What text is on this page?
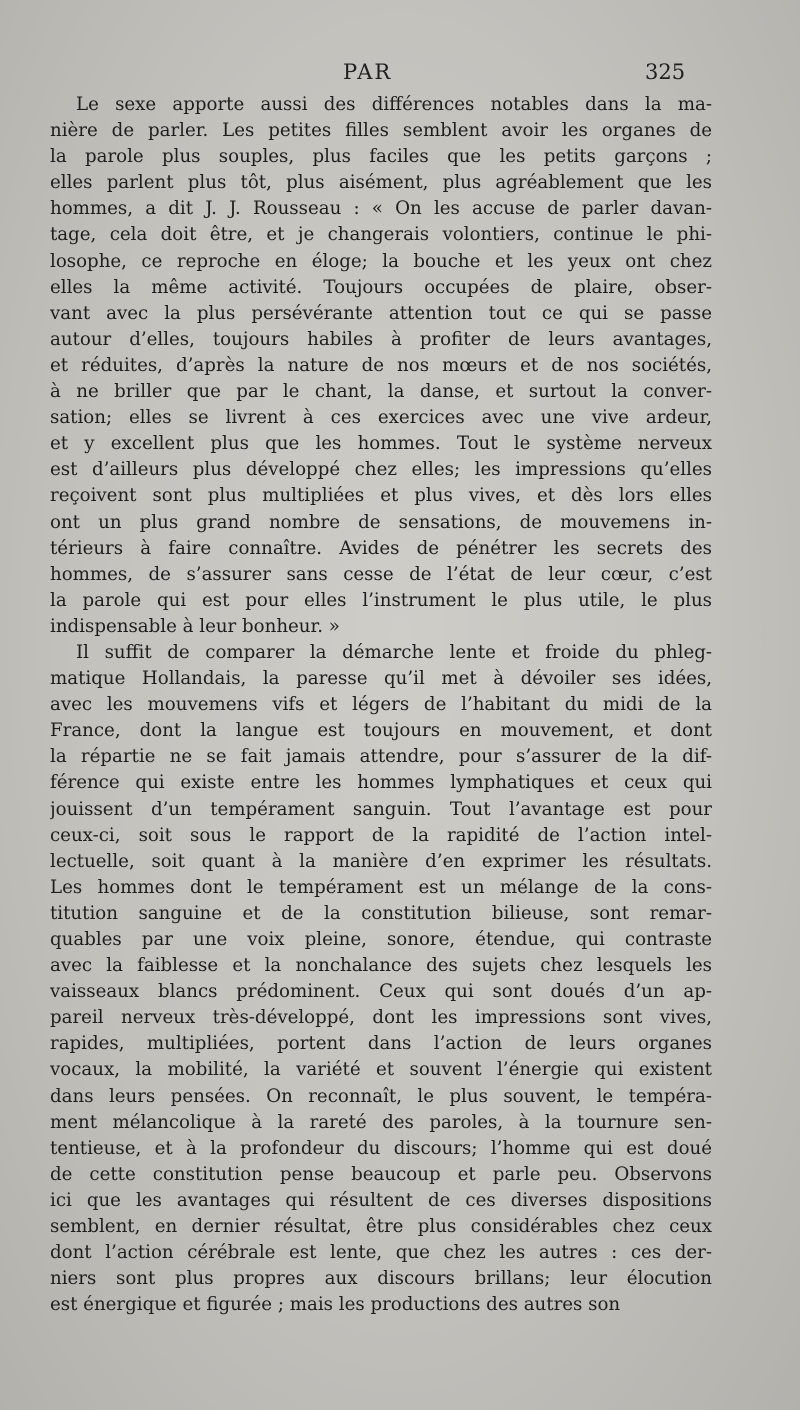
PAR	325

Le sexe apporte aussi des différences notables dans la ma-
nière de parler. Les petites filles semblent avoir les organes de
la parole plus souples, plus faciles que les petits garçons ;
elles parlent plus tôt, plus aisément, plus agréablement que les
hommes, a dit J. J. Rousseau : « On les accuse de parler davan-
tage, cela doit être, et je changerais volontiers, continue le phi-
losophe, ce reproche en éloge; la bouche et les yeux ont chez
elles la même activité. Toujours occupées de plaire, obser-
vant avec la plus persévérante attention tout ce qui se passe
autour d’elles, toujours habiles à profiter de leurs avantages,
et réduites, d’après la nature de nos mœurs et de nos sociétés,
à ne briller que par le chant, la danse, et surtout la conver-
sation; elles se livrent à ces exercices avec une vive ardeur,
et y excellent plus que les hommes. Tout le système nerveux
est d’ailleurs plus développé chez elles; les impressions qu’elles
reçoivent sont plus multipliées et plus vives, et dès lors elles
ont un plus grand nombre de sensations, de mouvemens in-
térieurs à faire connaître. Avides de pénétrer les secrets des
hommes, de s’assurer sans cesse de l’état de leur cœur, c’est
la parole qui est pour elles l’instrument le plus utile, le plus
indispensable à leur bonheur. »

Il suffit de comparer la démarche lente et froide du phleg-
matique Hollandais, la paresse qu’il met à dévoiler ses idées,
avec les mouvemens vifs et légers de l’habitant du midi de la
France, dont la langue est toujours en mouvement, et dont
la répartie ne se fait jamais attendre, pour s’assurer de la dif-
férence qui existe entre les hommes lymphatiques et ceux qui
jouissent d’un tempérament sanguin. Tout l’avantage est pour
ceux-ci, soit sous le rapport de la rapidité de l’action intel-
lectuelle, soit quant à la manière d’en exprimer les résultats.
Les hommes dont le tempérament est un mélange de la cons-
titution sanguine et de la constitution bilieuse, sont remar-
quables par une voix pleine, sonore, étendue, qui contraste
avec la faiblesse et la nonchalance des sujets chez lesquels les
vaisseaux blancs prédominent. Ceux qui sont doués d’un ap-
pareil nerveux très-développé, dont les impressions sont vives,
rapides, multipliées, portent dans l’action de leurs organes
vocaux, la mobilité, la variété et souvent l’énergie qui existent
dans leurs pensées. On reconnaît, le plus souvent, le tempéra-
ment mélancolique à la rareté des paroles, à la tournure sen-
tentieuse, et à la profondeur du discours; l’homme qui est doué
de cette constitution pense beaucoup et parle peu. Observons
ici que les avantages qui résultent de ces diverses dispositions
semblent, en dernier résultat, être plus considérables chez ceux
dont l’action cérébrale est lente, que chez les autres : ces der-
niers sont plus propres aux discours brillans; leur élocution
est énergique et figurée ; mais les productions des autres son
